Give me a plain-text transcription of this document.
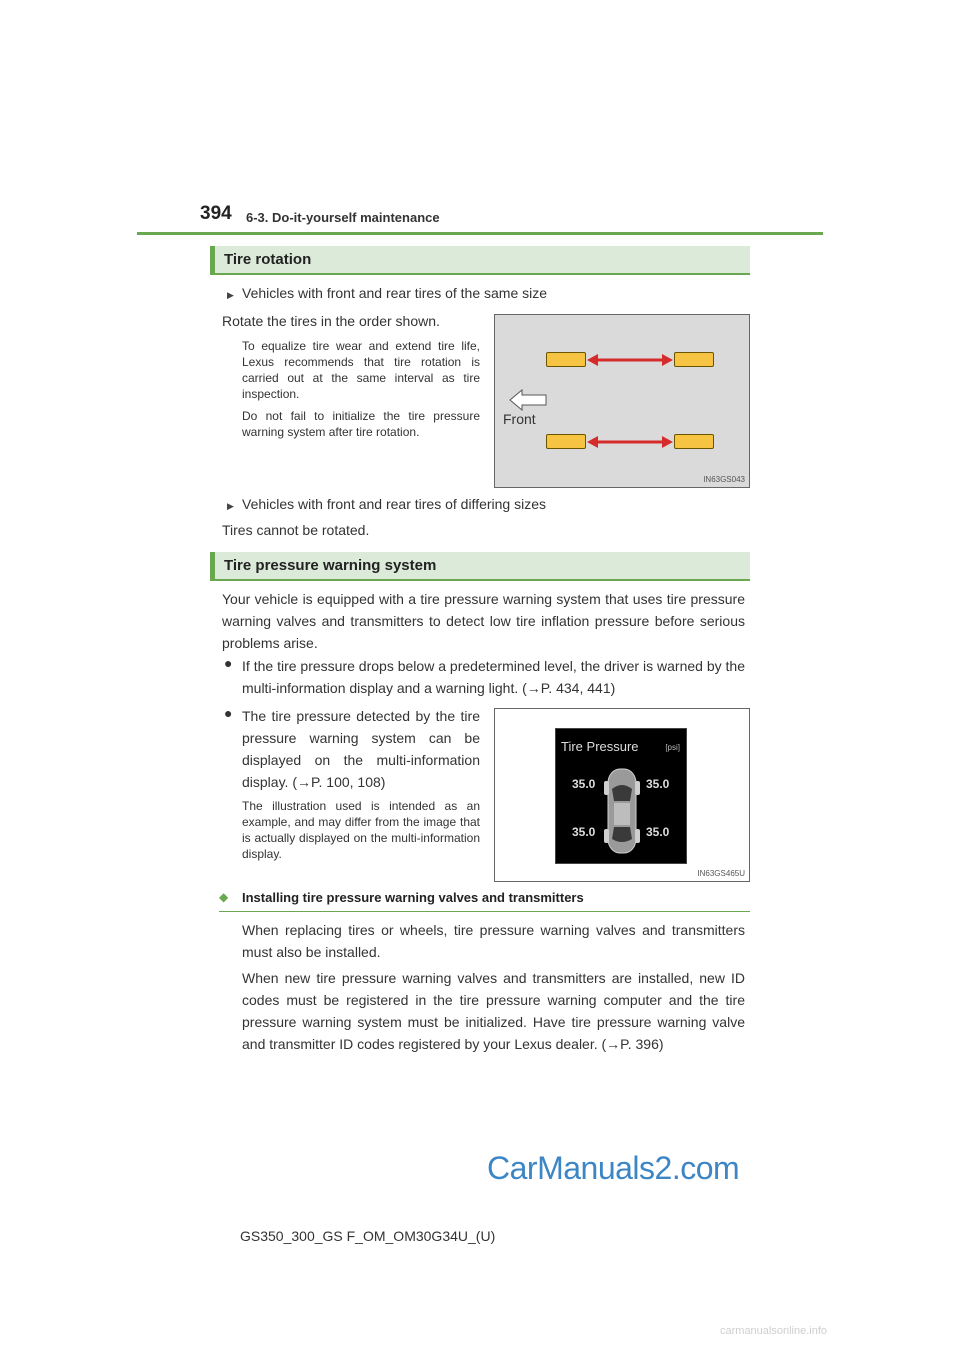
394 6-3. Do-it-yourself maintenance
Tire rotation
▶ Vehicles with front and rear tires of the same size
Rotate the tires in the order shown.
To equalize tire wear and extend tire life, Lexus recommends that tire rotation is carried out at the same interval as tire inspection.
Do not fail to initialize the tire pressure warning system after tire rotation.
Front
IN63GS043
▶ Vehicles with front and rear tires of differing sizes
Tires cannot be rotated.
Tire pressure warning system
Your vehicle is equipped with a tire pressure warning system that uses tire pressure warning valves and transmitters to detect low tire inflation pressure before serious problems arise.
● If the tire pressure drops below a predetermined level, the driver is warned by the multi-information display and a warning light. (→P. 434, 441)
● The tire pressure detected by the tire pressure warning system can be displayed on the multi-information display. (→P. 100, 108)
The illustration used is intended as an example, and may differ from the image that is actually displayed on the multi-information display.
Tire Pressure	[psi]
35.0	35.0
35.0	35.0
IN63GS465U
◆ Installing tire pressure warning valves and transmitters
When replacing tires or wheels, tire pressure warning valves and transmitters must also be installed.
When new tire pressure warning valves and transmitters are installed, new ID codes must be registered in the tire pressure warning computer and the tire pressure warning system must be initialized. Have tire pressure warning valve and transmitter ID codes registered by your Lexus dealer. (→P. 396)
CarManuals2.com
GS350_300_GS F_OM_OM30G34U_(U)
carmanualsonline.info
